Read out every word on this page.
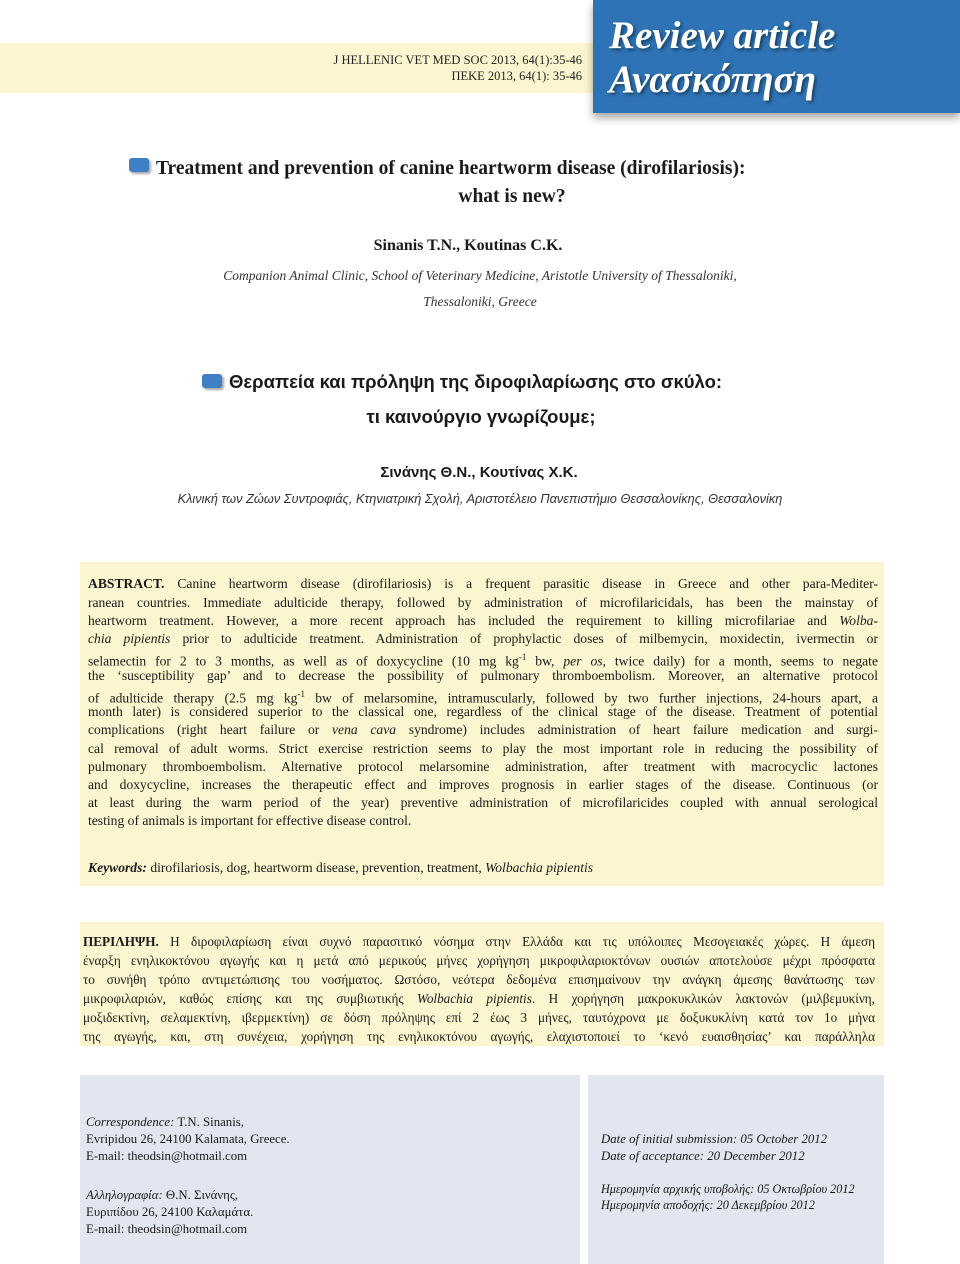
J HELLENIC VET MED SOC 2013, 64(1):35-46
ΠΕΚΕ 2013, 64(1): 35-46
Review article
Ανασκόπηση
Treatment and prevention of canine heartworm disease (dirofilariosis):
what is new?
Sinanis T.N., Koutinas C.K.
Companion Animal Clinic, School of Veterinary Medicine, Aristotle University of Thessaloniki,
Thessaloniki, Greece
Θεραπεία και πρόληψη της διροφιλαρίωσης στο σκύλο:
τι καινούργιο γνωρίζουμε;
Σινάνης Θ.Ν., Κουτίνας Χ.Κ.
Κλινική των Ζώων Συντροφιάς, Κτηνιατρική Σχολή, Αριστοτέλειο Πανεπιστήμιο Θεσσαλονίκης, Θεσσαλονίκη
ABSTRACT. Canine heartworm disease (dirofilariosis) is a frequent parasitic disease in Greece and other para-Mediter-
ranean countries. Immediate adulticide therapy, followed by administration of microfilaricidals, has been the mainstay of
heartworm treatment. However, a more recent approach has included the requirement to killing microfilariae and Wolba-
chia pipientis prior to adulticide treatment. Administration of prophylactic doses of milbemycin, moxidectin, ivermectin or
selamectin for 2 to 3 months, as well as of doxycycline (10 mg $kg^{-1}$ bw, per os, twice daily) for a month, seems to negate
the ‘susceptibility gap’ and to decrease the possibility of pulmonary thromboembolism. Moreover, an alternative protocol
of adulticide therapy (2.5 mg $kg^{-1}$ bw of melarsomine, intramuscularly, followed by two further injections, 24-hours apart, a
month later) is considered superior to the classical one, regardless of the clinical stage of the disease. Treatment of potential
complications (right heart failure or vena cava syndrome) includes administration of heart failure medication and surgi-
cal removal of adult worms. Strict exercise restriction seems to play the most important role in reducing the possibility of
pulmonary thromboembolism. Alternative protocol melarsomine administration, after treatment with macrocyclic lactones
and doxycycline, increases the therapeutic effect and improves prognosis in earlier stages of the disease. Continuous (or
at least during the warm period of the year) preventive administration of microfilaricides coupled with annual serological
testing of animals is important for effective disease control.
Keywords: dirofilariosis, dog, heartworm disease, prevention, treatment, Wolbachia pipientis
ΠΕΡΙΛΗΨΗ. Η διροφιλαρίωση είναι συχνό παρασιτικό νόσημα στην Ελλάδα και τις υπόλοιπες Μεσογειακές χώρες. Η άμεση
έναρξη ενηλικοκτόνου αγωγής και η μετά από μερικούς μήνες χορήγηση μικροφιλαριοκτόνων ουσιών αποτελούσε μέχρι πρόσφατα
το συνήθη τρόπο αντιμετώπισης του νοσήματος. Ωστόσο, νεότερα δεδομένα επισημαίνουν την ανάγκη άμεσης θανάτωσης των
μικροφιλαριών, καθώς επίσης και της συμβιωτικής Wolbachia pipientis. Η χορήγηση μακροκυκλικών λακτονών (μιλβεμυκίνη,
μοξιδεκτίνη, σελαμεκτίνη, ιβερμεκτίνη) σε δόση πρόληψης επί 2 έως 3 μήνες, ταυτόχρονα με δοξυκυκλίνη κατά τον 1ο μήνα
της αγωγής, και, στη συνέχεια, χορήγηση της ενηλικοκτόνου αγωγής, ελαχιστοποιεί το ‘κενό ευαισθησίας’ και παράλληλα
Correspondence: T.N. Sinanis,
Evripidou 26, 24100 Kalamata, Greece.
E-mail: theodsin@hotmail.com
Αλληλογραφία: Θ.Ν. Σινάνης,
Ευριπίδου 26, 24100 Καλαμάτα.
E-mail: theodsin@hotmail.com
Date of initial submission: 05 October 2012
Date of acceptance: 20 December 2012
Ημερομηνία αρχικής υποβολής: 05 Οκτωβρίου 2012
Ημερομηνία αποδοχής: 20 Δεκεμβρίου 2012
